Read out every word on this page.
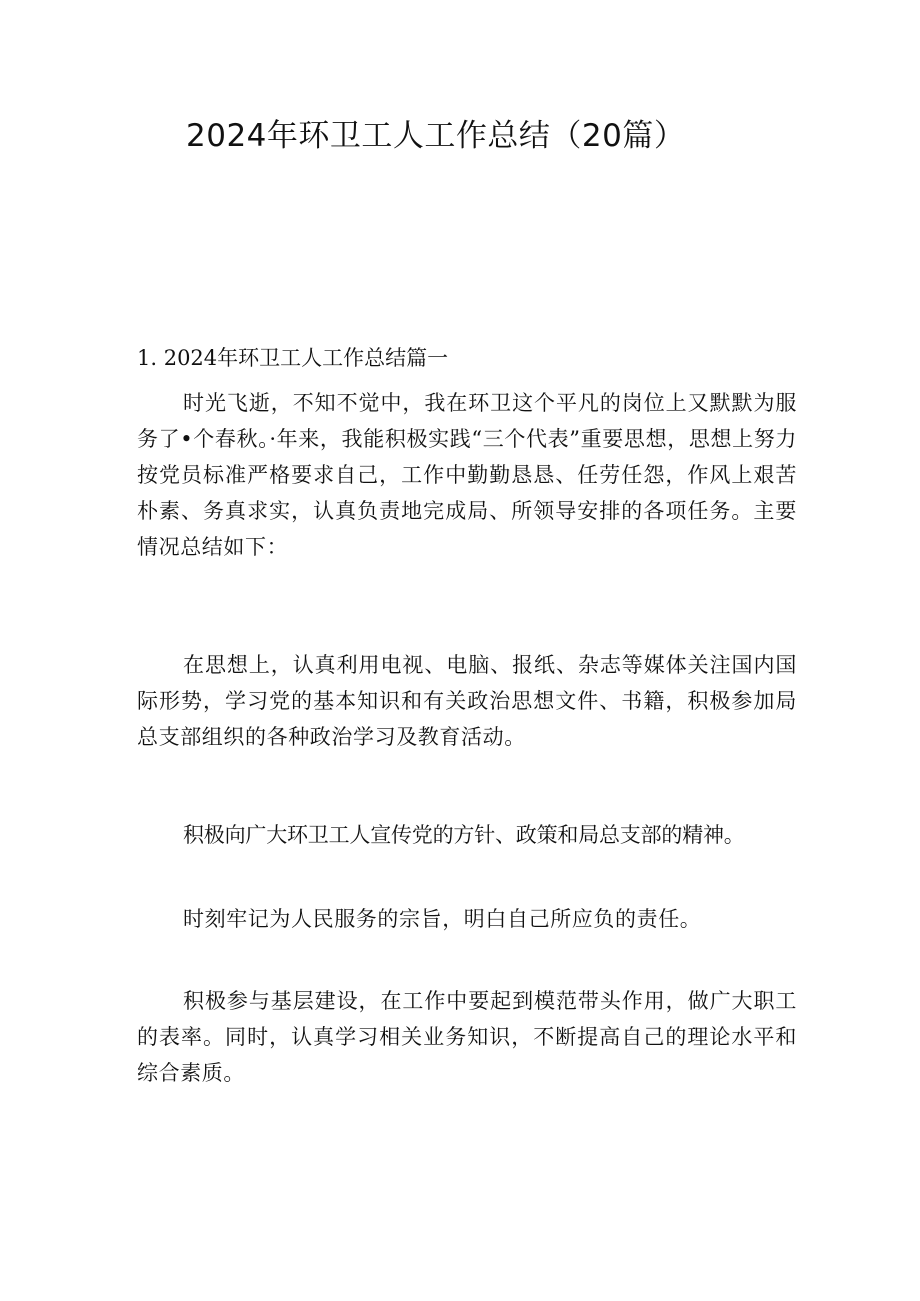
2024年环卫工人工作总结（20篇）
1. 2024年环卫工人工作总结篇一

时光飞逝，不知不觉中，我在环卫这个平凡的岗位上又默默为服务了•个春秋。·年来，我能积极实践“三个代表”重要思想，思想上努力按党员标准严格要求自己，工作中勤勤恳恳、任劳任怨，作风上艰苦朴素、务真求实，认真负责地完成局、所领导安排的各项任务。主要情况总结如下：

在思想上，认真利用电视、电脑、报纸、杂志等媒体关注国内国际形势，学习党的基本知识和有关政治思想文件、书籍，积极参加局总支部组织的各种政治学习及教育活动。

积极向广大环卫工人宣传党的方针、政策和局总支部的精神。

时刻牢记为人民服务的宗旨，明白自己所应负的责任。

积极参与基层建设，在工作中要起到模范带头作用，做广大职工的表率。同时，认真学习相关业务知识，不断提高自己的理论水平和综合素质。
